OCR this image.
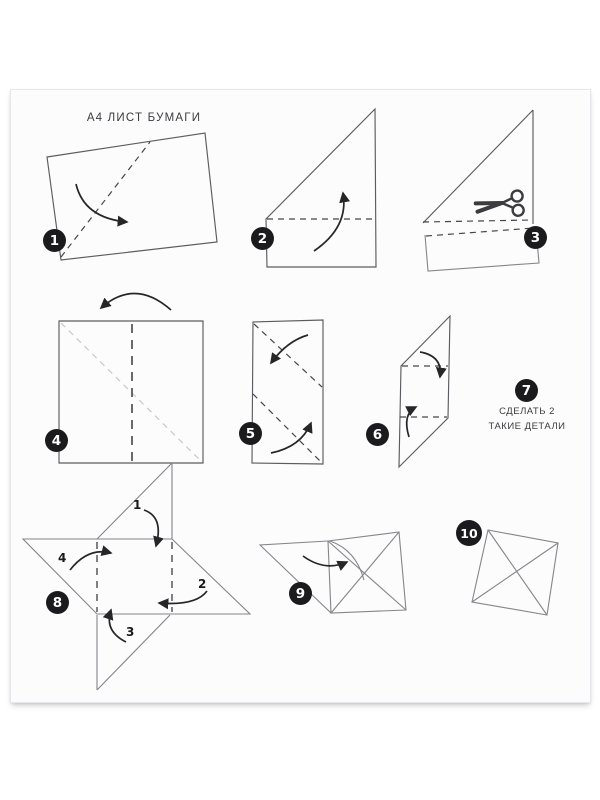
А4 ЛИСТ БУМАГИ
СДЕЛАТЬ 2
ТАКИЕ ДЕТАЛИ
1	2	3
4	5	6
7
8
9
10
1
2
3
4
